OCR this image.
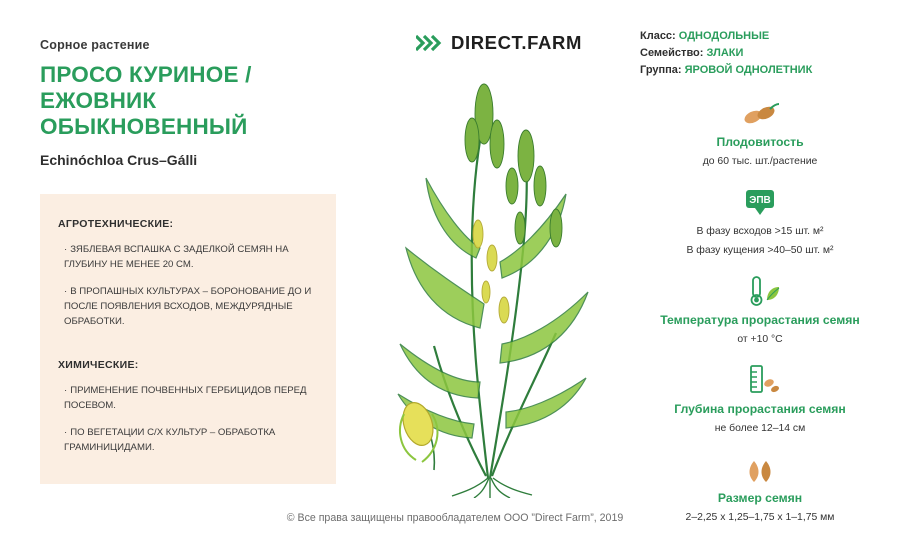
Сорное растение
ПРОСО КУРИНОЕ / ЕЖОВНИК ОБЫКНОВЕННЫЙ
Echinóchloa Crus–Gálli
АГРОТЕХНИЧЕСКИЕ:
· ЗЯБЛЕВАЯ ВСПАШКА С ЗАДЕЛКОЙ СЕМЯН НА ГЛУБИНУ НЕ МЕНЕЕ 20 СМ.
· В ПРОПАШНЫХ КУЛЬТУРАХ – БОРОНОВАНИЕ ДО И ПОСЛЕ ПОЯВЛЕНИЯ ВСХОДОВ, МЕЖДУРЯДНЫЕ ОБРАБОТКИ.
ХИМИЧЕСКИЕ:
· ПРИМЕНЕНИЕ ПОЧВЕННЫХ ГЕРБИЦИДОВ ПЕРЕД ПОСЕВОМ.
· ПО ВЕГЕТАЦИИ С/Х КУЛЬТУР – ОБРАБОТКА ГРАМИНИЦИДАМИ.
DIRECT.FARM	Класс: ОДНОДОЛЬНЫЕ
Семейство: ЗЛАКИ
Группа: ЯРОВОЙ ОДНОЛЕТНИК
Плодовитость
до 60 тыс. шт./растение
ЭПВ
В фазу всходов >15 шт. м²
В фазу кущения >40–50 шт. м²
Температура прорастания семян
от +10 °С
Глубина прорастания семян
не более 12–14 см
Размер семян
2–2,25 x 1,25–1,75 x 1–1,75 мм
© Все права защищены правообладателем ООО ”Direct Farm”, 2019
